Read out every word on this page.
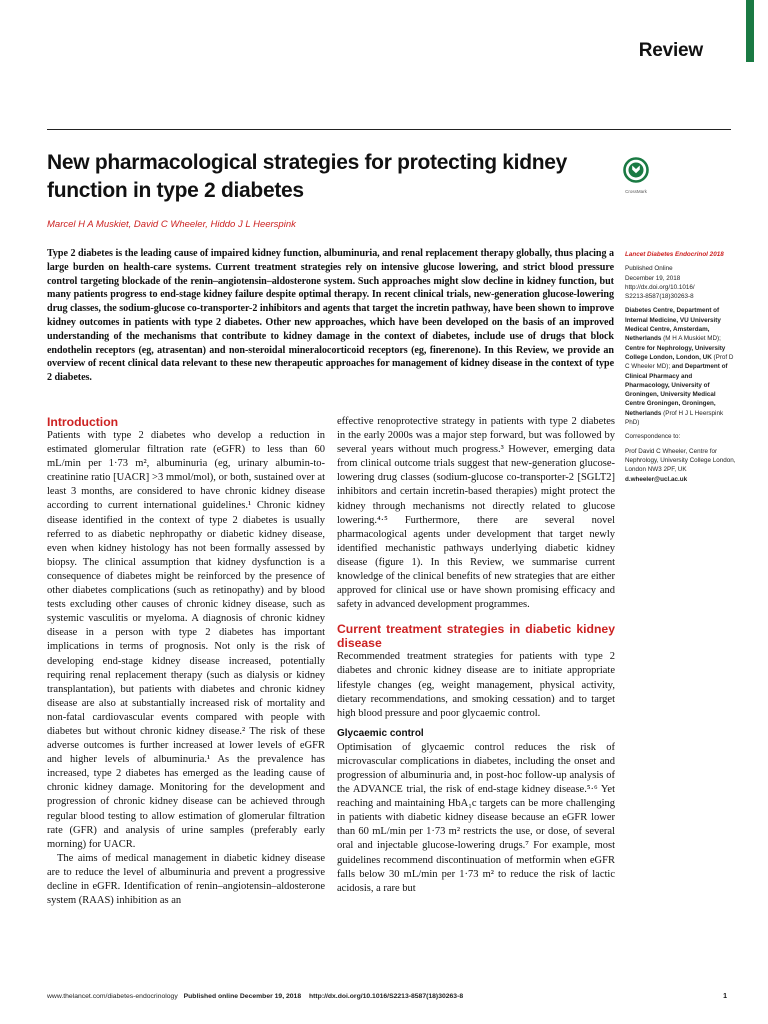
Review
New pharmacological strategies for protecting kidney
function in type 2 diabetes	CrossMark

Marcel H A Muskiet, David C Wheeler, Hiddo J L Heerspink

Type 2 diabetes is the leading cause of impaired kidney function, albuminuria, and renal replacement therapy globally, thus placing a large burden on health-care systems. Current treatment strategies rely on intensive glucose lowering, and strict blood pressure control targeting blockade of the renin–angiotensin–aldosterone system. Such approaches might slow decline in kidney function, but many patients progress to end-stage kidney failure despite optimal therapy. In recent clinical trials, new-generation glucose-lowering drug classes, the sodium-glucose co-transporter-2 inhibitors and agents that target the incretin pathway, have been shown to improve kidney outcomes in patients with type 2 diabetes. Other new approaches, which have been developed on the basis of an improved understanding of the mechanisms that contribute to kidney damage in the context of diabetes, include use of drugs that block endothelin receptors (eg, atrasentan) and non-steroidal mineralocorticoid receptors (eg, finerenone). In this Review, we provide an overview of recent clinical data relevant to these new therapeutic approaches for management of kidney disease in the context of type 2 diabetes.

Lancet Diabetes Endocrinol 2018

Published Online

December 19, 2018

http://dx.doi.org/10.1016/

S2213-8587(18)30263-8

Diabetes Centre, Department of Internal Medicine, VU University Medical Centre, Amsterdam, Netherlands (M H A Muskiet MD); Centre for Nephrology, University College London, London, UK (Prof D C Wheeler MD); and Department of Clinical Pharmacy and Pharmacology, University of Groningen, University Medical Centre Groningen, Groningen, Netherlands (Prof H J L Heerspink PhD)

Correspondence to:

Prof David C Wheeler, Centre for Nephrology, University College London, London NW3 2PF, UK

d.wheeler@ucl.ac.uk

Introduction

Patients with type 2 diabetes who develop a reduction in estimated glomerular filtration rate (eGFR) to less than 60 mL/min per 1·73 m², albuminuria (eg, urinary albumin-to-creatinine ratio [UACR] >3 mmol/mol), or both, sustained over at least 3 months, are considered to have chronic kidney disease according to current international guidelines.¹ Chronic kidney disease identified in the context of type 2 diabetes is usually referred to as diabetic nephropathy or diabetic kidney disease, even when kidney histology has not been formally assessed by biopsy. The clinical assumption that kidney dysfunction is a consequence of diabetes might be reinforced by the presence of other diabetes complications (such as retinopathy) and by blood tests excluding other causes of chronic kidney disease, such as systemic vasculitis or myeloma. A diagnosis of chronic kidney disease in a person with type 2 diabetes has important implications in terms of prognosis. Not only is the risk of developing end-stage kidney disease increased, potentially requiring renal replacement therapy (such as dialysis or kidney transplantation), but patients with diabetes and chronic kidney disease are also at substantially increased risk of mortality and non-fatal cardiovascular events compared with people with diabetes but without chronic kidney disease.² The risk of these adverse outcomes is further increased at lower levels of eGFR and higher levels of albuminuria.¹ As the prevalence has increased, type 2 diabetes has emerged as the leading cause of chronic kidney damage. Monitoring for the development and progression of chronic kidney disease can be achieved through regular blood testing to allow estimation of glomerular filtration rate (GFR) and analysis of urine samples (preferably early morning) for UACR.

The aims of medical management in diabetic kidney disease are to reduce the level of albuminuria and prevent a progressive decline in eGFR. Identification of renin–angiotensin–aldosterone system (RAAS) inhibition as an

effective renoprotective strategy in patients with type 2 diabetes in the early 2000s was a major step forward, but was followed by several years without much progress.³ However, emerging data from clinical outcome trials suggest that new-generation glucose-lowering drug classes (sodium-glucose co-transporter-2 [SGLT2] inhibitors and certain incretin-based therapies) might protect the kidney through mechanisms not directly related to glucose lowering.⁴·⁵ Furthermore, there are several novel pharmacological agents under development that target newly identified mechanistic pathways underlying diabetic kidney disease (figure 1). In this Review, we summarise current knowledge of the clinical benefits of new strategies that are either approved for clinical use or have shown promising efficacy and safety in advanced development programmes.

Current treatment strategies in diabetic kidney disease

Recommended treatment strategies for patients with type 2 diabetes and chronic kidney disease are to initiate appropriate lifestyle changes (eg, weight management, physical activity, dietary recommendations, and smoking cessation) and to target high blood pressure and poor glycaemic control.

Glycaemic control

Optimisation of glycaemic control reduces the risk of microvascular complications in diabetes, including the onset and progression of albuminuria and, in post-hoc follow-up analysis of the ADVANCE trial, the risk of end-stage kidney disease.⁵·⁶ Yet reaching and maintaining HbA₁c targets can be more challenging in patients with diabetic kidney disease because an eGFR lower than 60 mL/min per 1·73 m² restricts the use, or dose, of several oral and injectable glucose-lowering drugs.⁷ For example, most guidelines recommend discontinuation of metformin when eGFR falls below 30 mL/min per 1·73 m² to reduce the risk of lactic acidosis, a rare but

www.thelancet.com/diabetes-endocrinology Published online December 19, 2018 http://dx.doi.org/10.1016/S2213-8587(18)30263-8	1
